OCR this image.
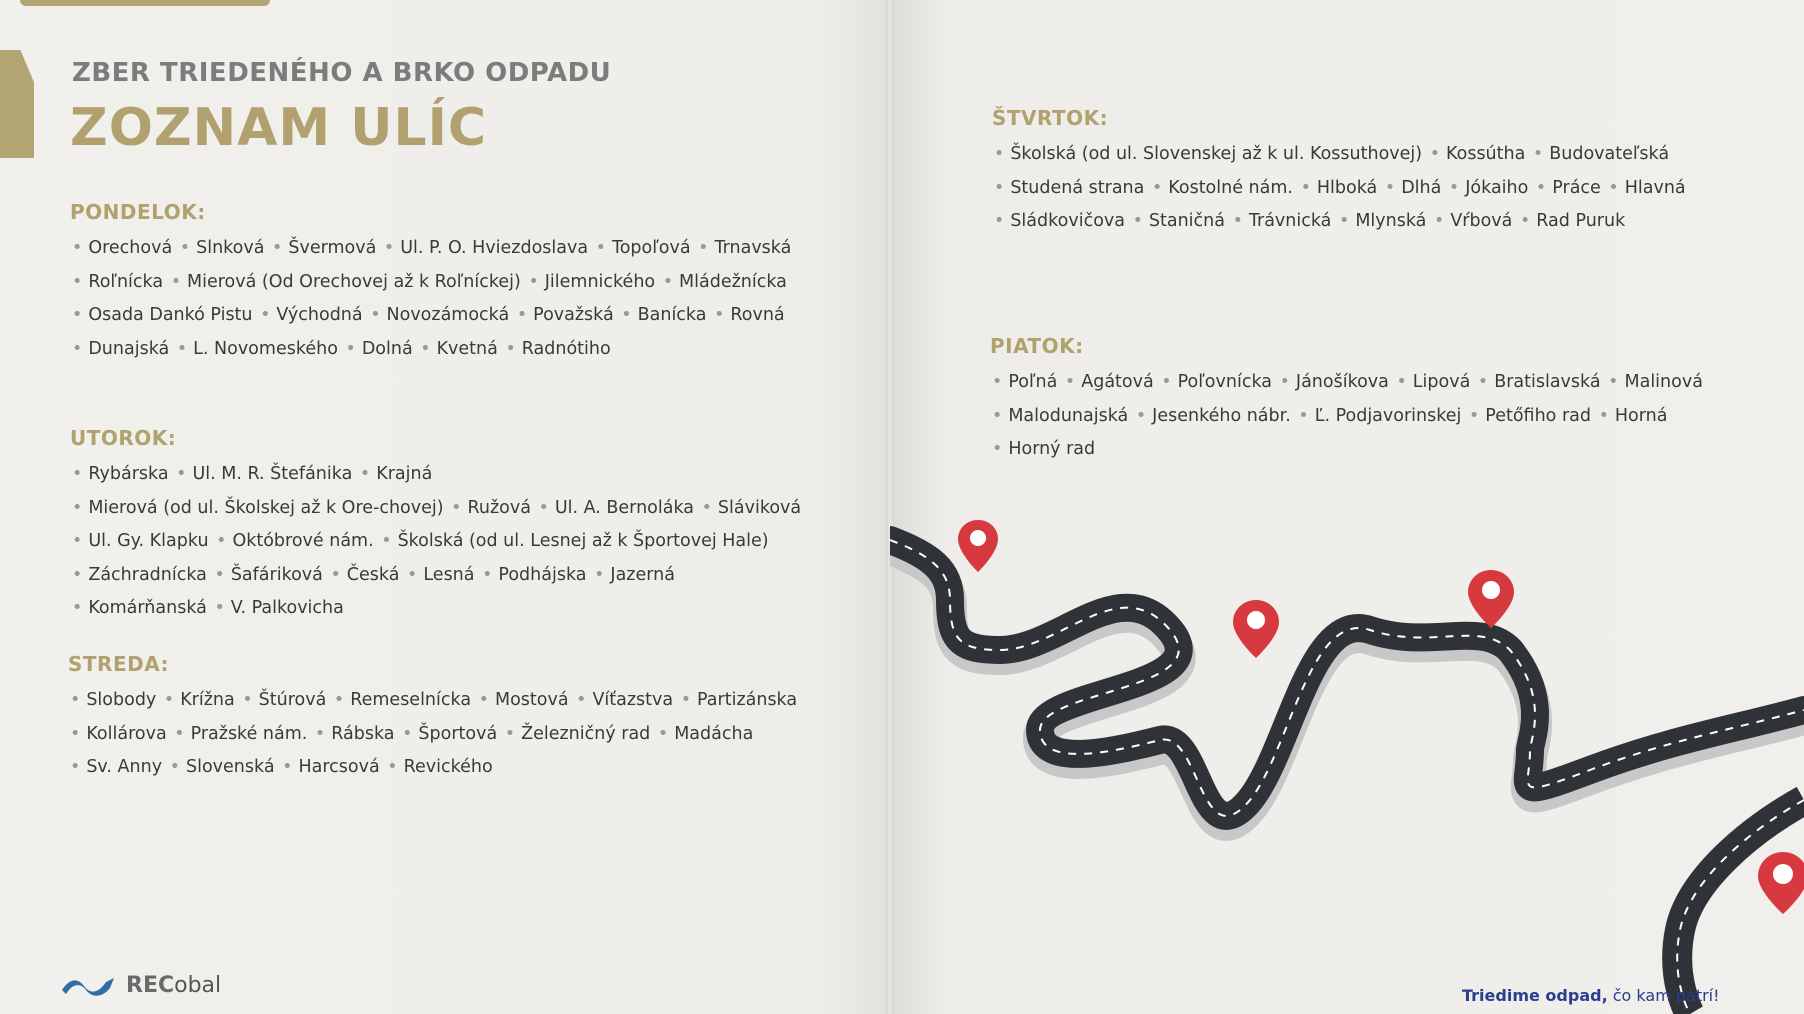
ZBER TRIEDENÉHO A BRKO ODPADU
ZOZNAM ULÍC
PONDELOK:
• Orechová • Slnková • Švermová • Ul. P. O. Hviezdoslava • Topoľová • Trnavská • Roľnícka • Mierová (Od Orechovej až k Roľníckej) • Jilemnického • Mládežnícka • Osada Dankó Pistu • Východná • Novozámocká • Považská • Banícka • Rovná • Dunajská • L. Novomeského • Dolná • Kvetná • Radnótiho
UTOROK:
• Rybárska • Ul. M. R. Štefánika • Krajná • Mierová (od ul. Školskej až k Ore-chovej) • Ružová • Ul. A. Bernoláka • Sláviková • Ul. Gy. Klapku • Októbrové nám. • Školská (od ul. Lesnej až k Športovej Hale) • Záchradnícka • Šafáriková • Česká • Lesná • Podhájska • Jazerná • Komárňanská • V. Palkovicha
STREDA:
• Slobody • Krížna • Štúrová • Remeselnícka • Mostová • Víťazstva • Partizánska • Kollárova • Pražské nám. • Rábska • Športová • Železničný rad • Madácha • Sv. Anny • Slovenská • Harcsová • Revického
ŠTVRTOK:
• Školská (od ul. Slovenskej až k ul. Kossuthovej) • Kossútha • Budovateľská • Studená strana • Kostolné nám. • Hlboká • Dlhá • Jókaiho • Práce • Hlavná • Sládkovičova • Staničná • Trávnická • Mlynská • Vŕbová • Rad Puruk
PIATOK:
• Poľná • Agátová • Poľovnícka • Jánošíkova • Lipová • Bratislavská • Malinová • Malodunajská • Jesenkého nábr. • Ľ. Podjavorinskej • Petőfiho rad • Horná • Horný rad
RECobal	Triedime odpad, čo kam patrí!
